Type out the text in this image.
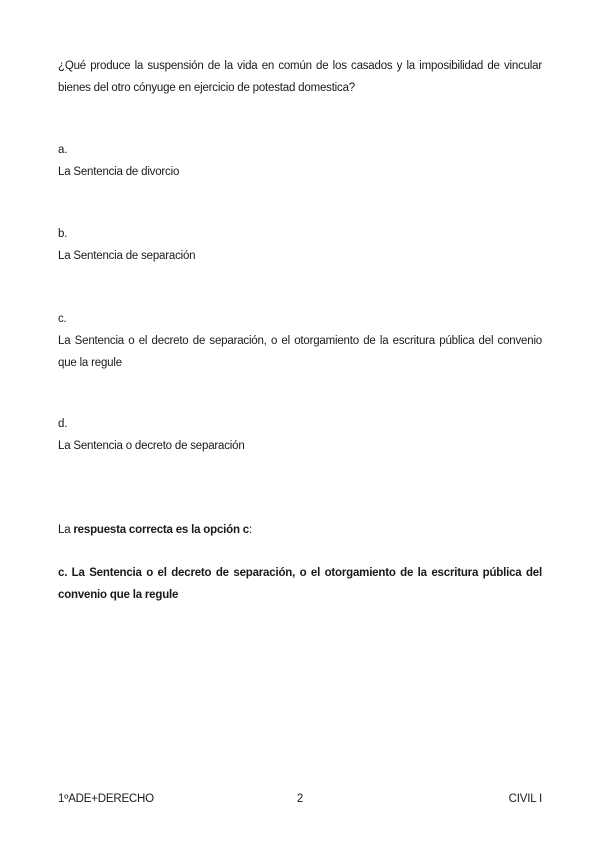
¿Qué produce la suspensión de la vida en común de los casados y la imposibilidad de vincular bienes del otro cónyuge en ejercicio de potestad domestica?

a.
La Sentencia de divorcio
b.
La Sentencia de separación
c.
La Sentencia o el decreto de separación, o el otorgamiento de la escritura pública del convenio que la regule
d.
La Sentencia o decreto de separación
La respuesta correcta es la opción c:
c. La Sentencia o el decreto de separación, o el otorgamiento de la escritura pública del convenio que la regule
1ºADE+DERECHO	2	CIVIL I
